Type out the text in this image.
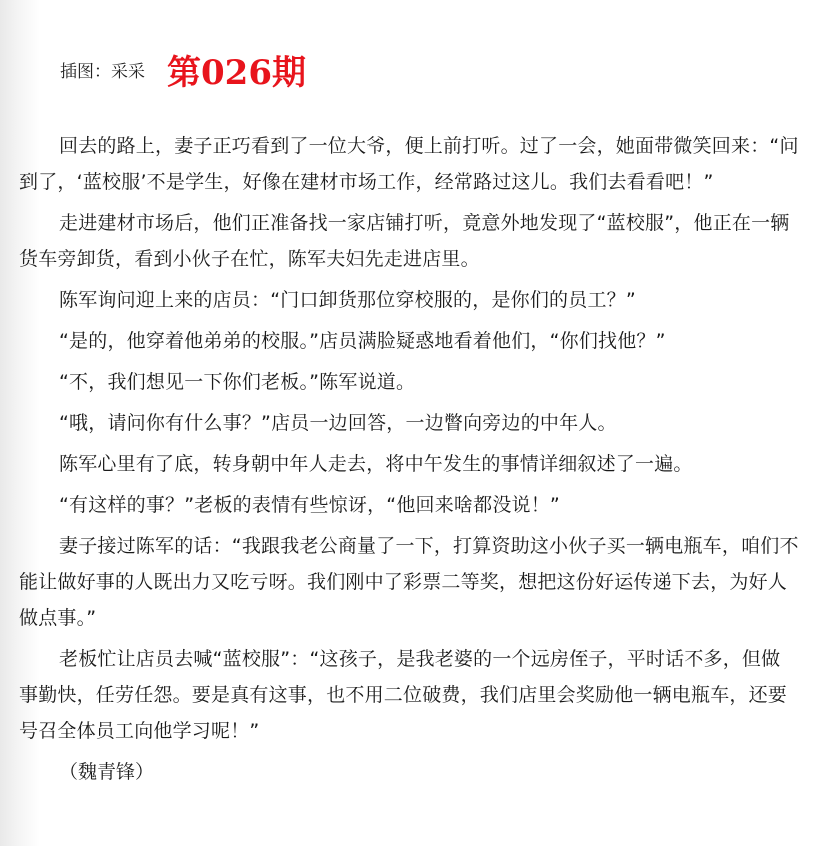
插图：采采 第026期

回去的路上，妻子正巧看到了一位大爷，便上前打听。过了一会，她面带微笑回来：“问到了，‘蓝校服’不是学生，好像在建材市场工作，经常路过这儿。我们去看看吧！”

走进建材市场后，他们正准备找一家店铺打听，竟意外地发现了“蓝校服”，他正在一辆货车旁卸货，看到小伙子在忙，陈军夫妇先走进店里。

陈军询问迎上来的店员：“门口卸货那位穿校服的，是你们的员工？”

“是的，他穿着他弟弟的校服。”店员满脸疑惑地看着他们，“你们找他？”

“不，我们想见一下你们老板。”陈军说道。

“哦，请问你有什么事？”店员一边回答，一边瞥向旁边的中年人。

陈军心里有了底，转身朝中年人走去，将中午发生的事情详细叙述了一遍。

“有这样的事？”老板的表情有些惊讶，“他回来啥都没说！”

妻子接过陈军的话：“我跟我老公商量了一下，打算资助这小伙子买一辆电瓶车，咱们不能让做好事的人既出力又吃亏呀。我们刚中了彩票二等奖，想把这份好运传递下去，为好人做点事。”

老板忙让店员去喊“蓝校服”：“这孩子，是我老婆的一个远房侄子，平时话不多，但做事勤快，任劳任怨。要是真有这事，也不用二位破费，我们店里会奖励他一辆电瓶车，还要号召全体员工向他学习呢！”

（魏青锋）
